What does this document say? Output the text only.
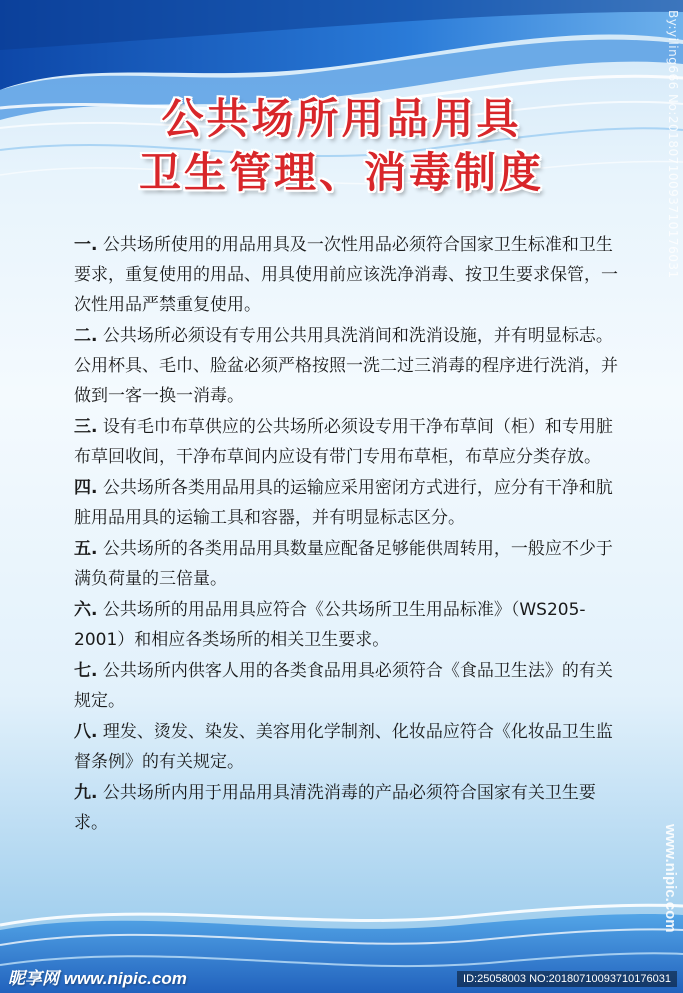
公共场所用品用具
卫生管理、消毒制度

一. 公共场所使用的用品用具及一次性用品必须符合国家卫生标准和卫生要求，重复使用的用品、用具使用前应该洗净消毒、按卫生要求保管，一次性用品严禁重复使用。

二. 公共场所必须设有专用公共用具洗消间和洗消设施，并有明显标志。公用杯具、毛巾、脸盆必须严格按照一洗二过三消毒的程序进行洗消，并做到一客一换一消毒。

三. 设有毛巾布草供应的公共场所必须设专用干净布草间（柜）和专用脏布草回收间，干净布草间内应设有带门专用布草柜，布草应分类存放。

四. 公共场所各类用品用具的运输应采用密闭方式进行，应分有干净和肮脏用品用具的运输工具和容器，并有明显标志区分。

五. 公共场所的各类用品用具数量应配备足够能供周转用，一般应不少于满负荷量的三倍量。

六. 公共场所的用品用具应符合《公共场所卫生用品标准》（WS205-2001）和相应各类场所的相关卫生要求。

七. 公共场所内供客人用的各类食品用具必须符合《食品卫生法》的有关规定。

八. 理发、烫发、染发、美容用化学制剂、化妆品应符合《化妆品卫生监督条例》的有关规定。

九. 公共场所内用于用品用具清洗消毒的产品必须符合国家有关卫生要求。

By:yiling666 No:20180710093710176031
www.nipic.com
昵享网 www.nipic.com	ID:25058003 NO:20180710093710176031
